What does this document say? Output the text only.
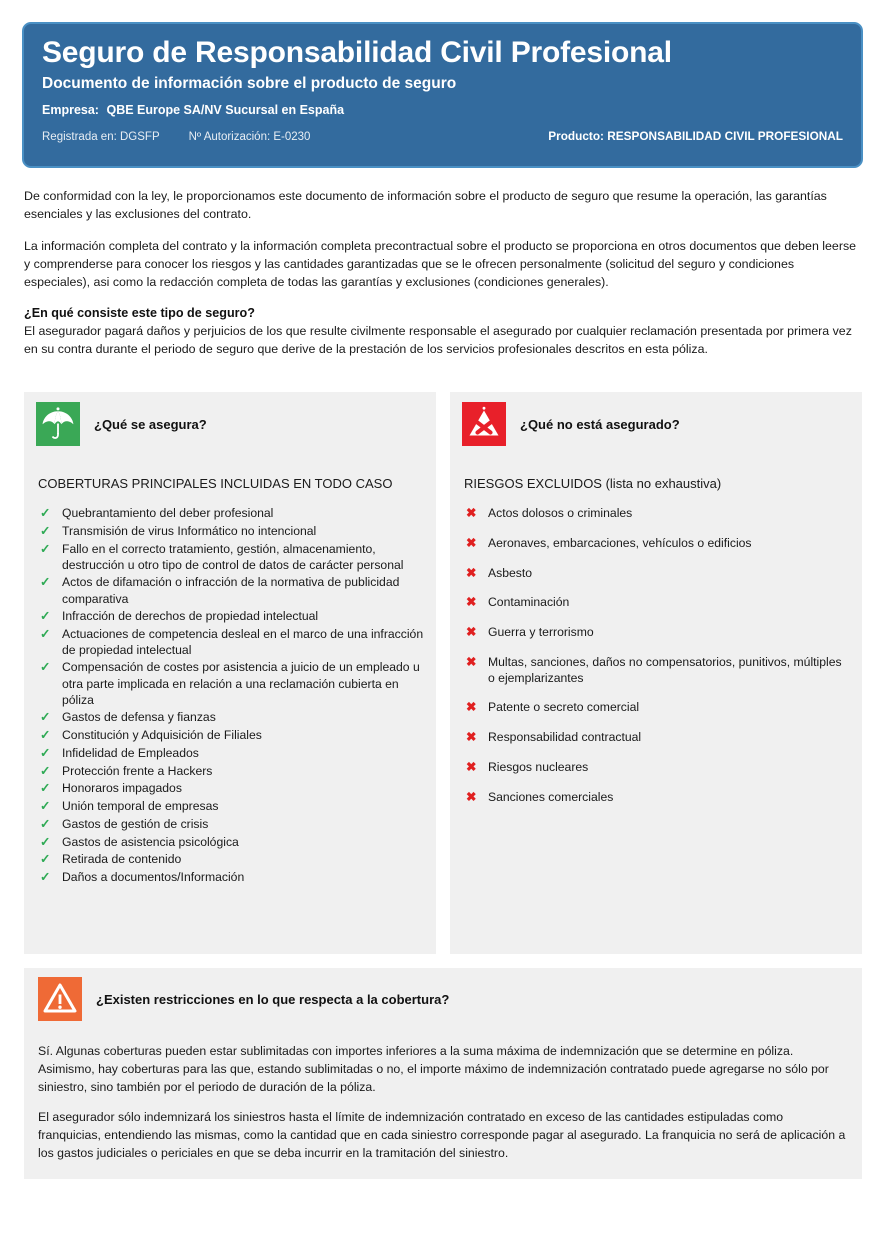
Seguro de Responsabilidad Civil Profesional
Documento de información sobre el producto de seguro
Empresa: QBE Europe SA/NV Sucursal en España
Registrada en: DGSFP	Nº Autorización: E-0230	Producto: RESPONSABILIDAD CIVIL PROFESIONAL

De conformidad con la ley, le proporcionamos este documento de información sobre el producto de seguro que resume la operación, las garantías esenciales y las exclusiones del contrato.

La información completa del contrato y la información completa precontractual sobre el producto se proporciona en otros documentos que deben leerse y comprenderse para conocer los riesgos y las cantidades garantizadas que se le ofrecen personalmente (solicitud del seguro y condiciones especiales), asi como la redacción completa de todas las garantías y exclusiones (condiciones generales).

¿En qué consiste este tipo de seguro?

El asegurador pagará daños y perjuicios de los que resulte civilmente responsable el asegurado por cualquier reclamación presentada por primera vez en su contra durante el periodo de seguro que derive de la prestación de los servicios profesionales descritos en esta póliza.

¿Qué se asegura?
COBERTURAS PRINCIPALES INCLUIDAS EN TODO CASO
✓ Quebrantamiento del deber profesional
✓ Transmisión de virus Informático no intencional
✓ Fallo en el correcto tratamiento, gestión, almacenamiento, destrucción u otro tipo de control de datos de carácter personal
✓ Actos de difamación o infracción de la normativa de publicidad comparativa
✓ Infracción de derechos de propiedad intelectual
✓ Actuaciones de competencia desleal en el marco de una infracción de propiedad intelectual
✓ Compensación de costes por asistencia a juicio de un empleado u otra parte implicada en relación a una reclamación cubierta en póliza
✓ Gastos de defensa y fianzas
✓ Constitución y Adquisición de Filiales
✓ Infidelidad de Empleados
✓ Protección frente a Hackers
✓ Honoraros impagados
✓ Unión temporal de empresas
✓ Gastos de gestión de crisis
✓ Gastos de asistencia psicológica
✓ Retirada de contenido
✓ Daños a documentos/Información
¿Qué no está asegurado?
RIESGOS EXCLUIDOS (lista no exhaustiva)
✖ Actos dolosos o criminales
✖ Aeronaves, embarcaciones, vehículos o edificios
✖ Asbesto
✖ Contaminación
✖ Guerra y terrorismo
✖ Multas, sanciones, daños no compensatorios, punitivos, múltiples o ejemplarizantes
✖ Patente o secreto comercial
✖ Responsabilidad contractual
✖ Riesgos nucleares
✖ Sanciones comerciales
¿Existen restricciones en lo que respecta a la cobertura?

Sí. Algunas coberturas pueden estar sublimitadas con importes inferiores a la suma máxima de indemnización que se determine en póliza. Asimismo, hay coberturas para las que, estando sublimitadas o no, el importe máximo de indemnización contratado puede agregarse no sólo por siniestro, sino también por el periodo de duración de la póliza.

El asegurador sólo indemnizará los siniestros hasta el límite de indemnización contratado en exceso de las cantidades estipuladas como franquicias, entendiendo las mismas, como la cantidad que en cada siniestro corresponde pagar al asegurado. La franquicia no será de aplicación a los gastos judiciales o periciales en que se deba incurrir en la tramitación del siniestro.
